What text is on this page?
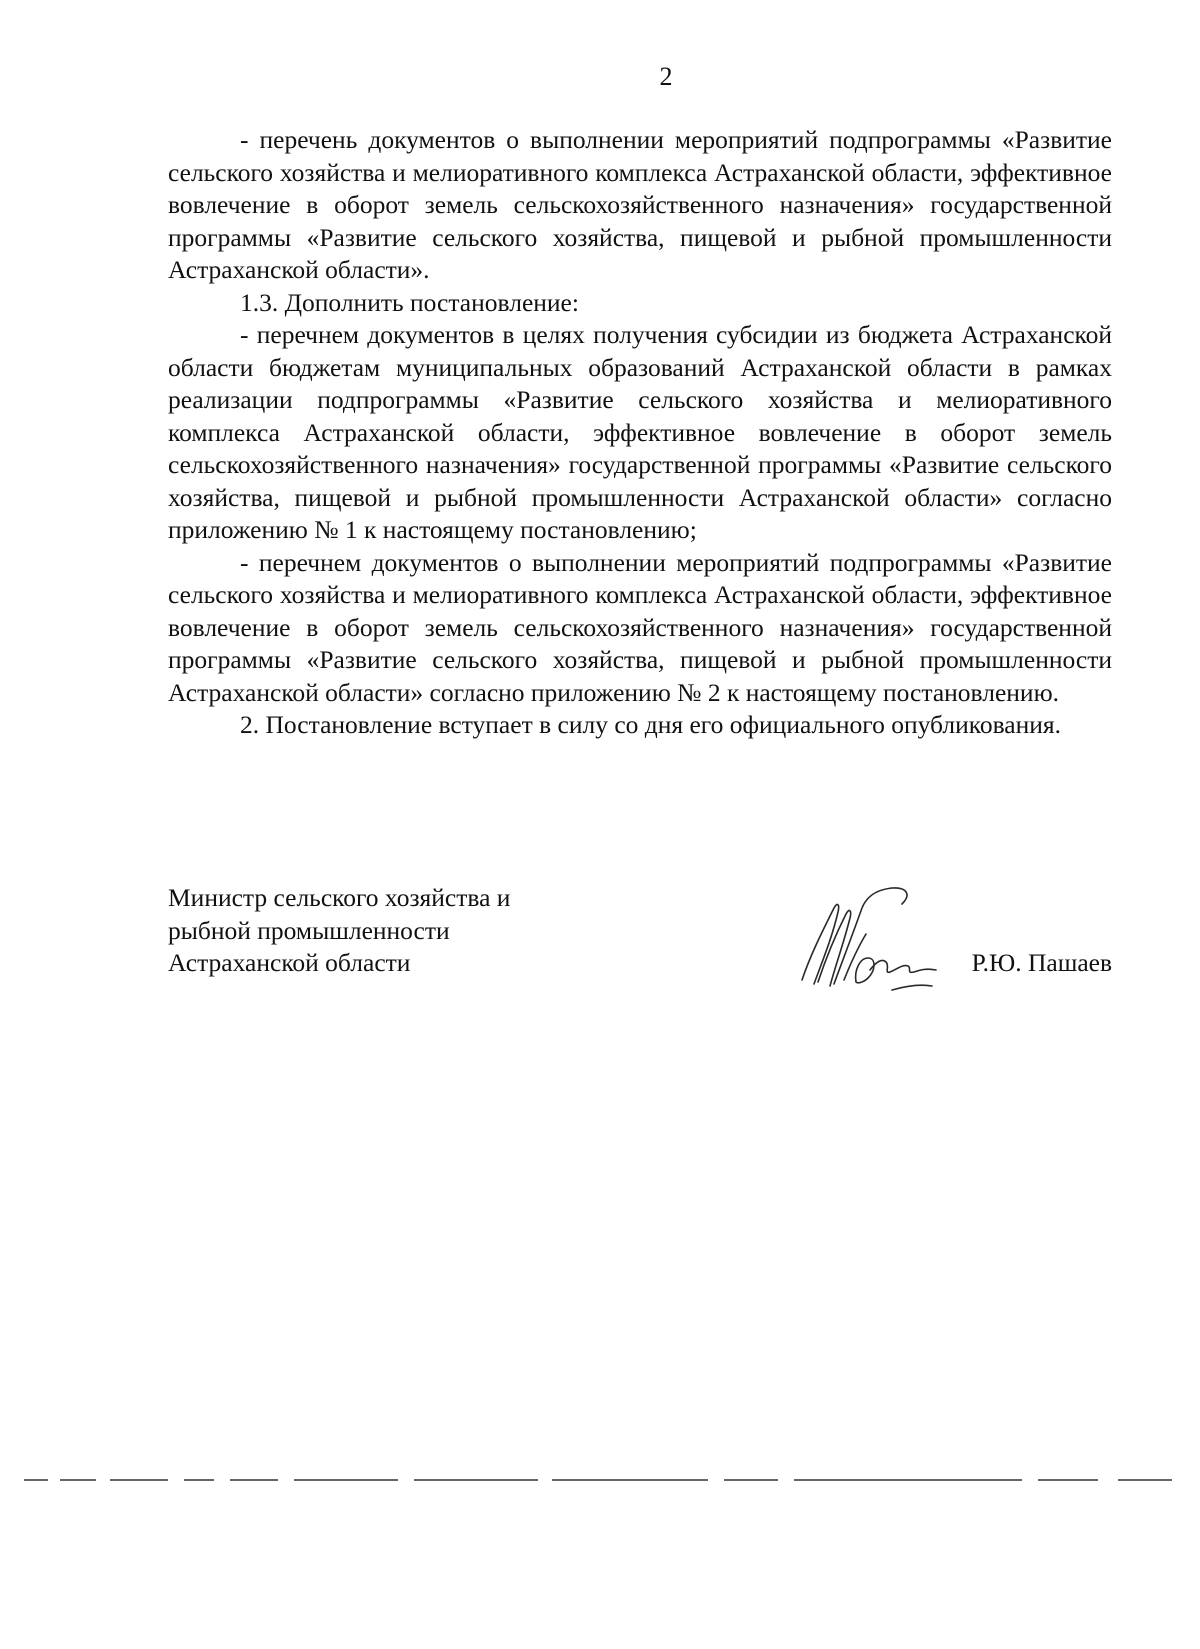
2

- перечень документов о выполнении мероприятий подпрограммы «Развитие сельского хозяйства и мелиоративного комплекса Астраханской области, эффективное вовлечение в оборот земель сельскохозяйственного назначения» государственной программы «Развитие сельского хозяйства, пищевой и рыбной промышленности Астраханской области».

1.3. Дополнить постановление:

- перечнем документов в целях получения субсидии из бюджета Астраханской области бюджетам муниципальных образований Астраханской области в рамках реализации подпрограммы «Развитие сельского хозяйства и мелиоративного комплекса Астраханской области, эффективное вовлечение в оборот земель сельскохозяйственного назначения» государственной программы «Развитие сельского хозяйства, пищевой и рыбной промышленности Астраханской области» согласно приложению № 1 к настоящему постановлению;

- перечнем документов о выполнении мероприятий подпрограммы «Развитие сельского хозяйства и мелиоративного комплекса Астраханской области, эффективное вовлечение в оборот земель сельскохозяйственного назначения» государственной программы «Развитие сельского хозяйства, пищевой и рыбной промышленности Астраханской области» согласно приложению № 2 к настоящему постановлению.

2. Постановление вступает в силу со дня его официального опубликования.

Министр сельского хозяйства и
рыбной промышленности
Астраханской области	Р.Ю. Пашаев
